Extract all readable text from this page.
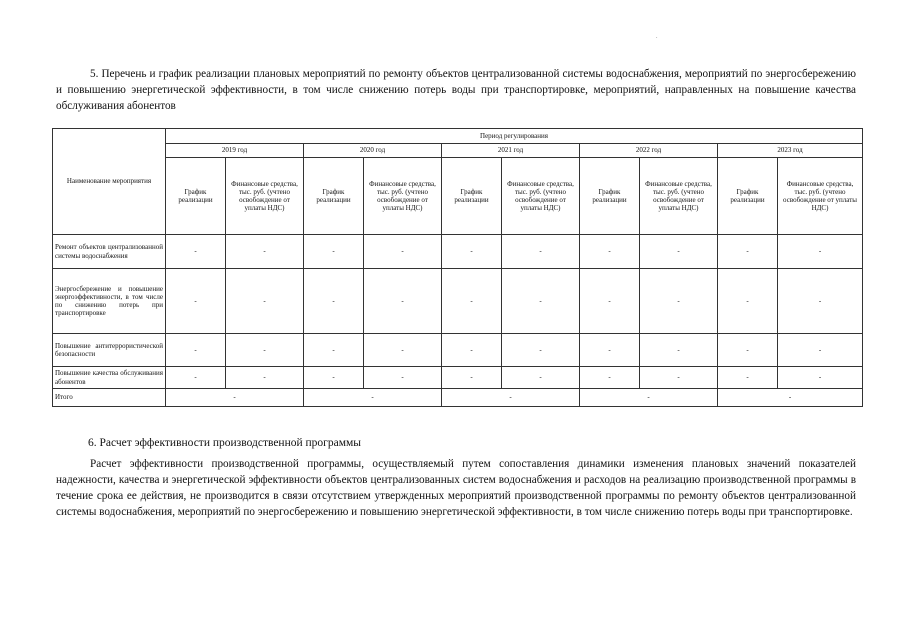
.
5. Перечень и график реализации плановых мероприятий по ремонту объектов централизованной системы водоснабжения, мероприятий по энергосбережению и повышению энергетической эффективности, в том числе снижению потерь воды при транспортировке, мероприятий, направленных на повышение качества обслуживания абонентов
Наименование мероприятия	Период регулирования									
	2019 год		2020 год		2021 год		2022 год		2023 год	
	График реализации	Финансовые средства, тыс. руб. (учтено освобождение от уплаты НДС)	График реализации	Финансовые средства, тыс. руб. (учтено освобождение от уплаты НДС)	График реализации	Финансовые средства, тыс. руб. (учтено освобождение от уплаты НДС)	График реализации	Финансовые средства, тыс. руб. (учтено освобождение от уплаты НДС)	График реализации	Финансовые средства, тыс. руб. (учтено освобождение от уплаты НДС)
Ремонт объектов централизованной системы водоснабжения	-	-	-	-	-	-	-	-	-	-
Энергосбережение и повышение энергоэффективности, в том числе по снижению потерь при транспортировке	-	-	-	-	-	-	-	-	-	-
Повышение антитеррористической безопасности	-	-	-	-	-	-	-	-	-	-
Повышение качества обслуживания абонентов	-	-	-	-	-	-	-	-	-	-
Итого	-		-		-		-		-	
6. Расчет эффективности производственной программы
Расчет эффективности производственной программы, осуществляемый путем сопоставления динамики изменения плановых значений показателей надежности, качества и энергетической эффективности объектов централизованных систем водоснабжения и расходов на реализацию производственной программы в течение срока ее действия, не производится в связи отсутствием утвержденных мероприятий производственной программы по ремонту объектов централизованной системы водоснабжения, мероприятий по энергосбережению и повышению энергетической эффективности, в том числе снижению потерь воды при транспортировке.
